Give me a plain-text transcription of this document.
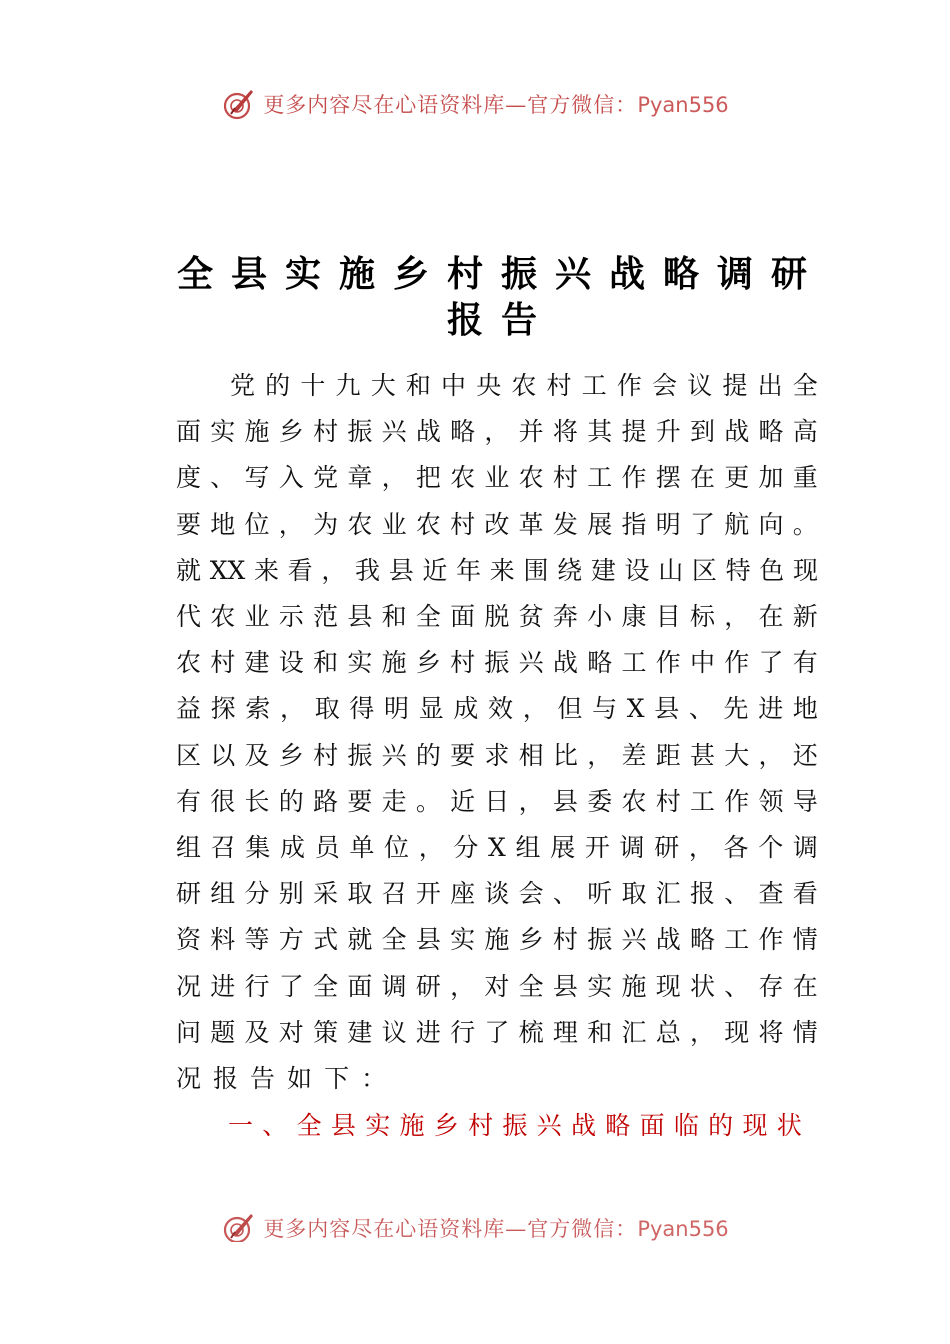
更多内容尽在心语资料库—官方微信：Pyan556
全县实施乡村振兴战略调研
报告
党 的 十 九 大 和 中 央 农 村 工 作 会 议 提 出 全
面 实 施 乡 村 振 兴 战 略 ， 并 将 其 提 升 到 战 略 高
度 、 写 入 党 章 ， 把 农 业 农 村 工 作 摆 在 更 加 重
要 地 位 ， 为 农 业 农 村 改 革 发 展 指 明 了 航 向 。
就 XX 来 看 ， 我 县 近 年 来 围 绕 建 设 山 区 特 色 现
代 农 业 示 范 县 和 全 面 脱 贫 奔 小 康 目 标 ， 在 新
农 村 建 设 和 实 施 乡 村 振 兴 战 略 工 作 中 作 了 有
益 探 索 ， 取 得 明 显 成 效 ， 但 与 X 县 、 先 进 地
区 以 及 乡 村 振 兴 的 要 求 相 比 ， 差 距 甚 大 ， 还
有 很 长 的 路 要 走 。 近 日 ， 县 委 农 村 工 作 领 导
组 召 集 成 员 单 位 ， 分 X 组 展 开 调 研 ， 各 个 调
研 组 分 别 采 取 召 开 座 谈 会 、 听 取 汇 报 、 查 看
资 料 等 方 式 就 全 县 实 施 乡 村 振 兴 战 略 工 作 情
况 进 行 了 全 面 调 研 ， 对 全 县 实 施 现 状 、 存 在
问 题 及 对 策 建 议 进 行 了 梳 理 和 汇 总 ， 现 将 情
况 报 告 如 下 ：
一 、 全 县 实 施 乡 村 振 兴 战 略 面 临 的 现 状
更多内容尽在心语资料库—官方微信：Pyan556
